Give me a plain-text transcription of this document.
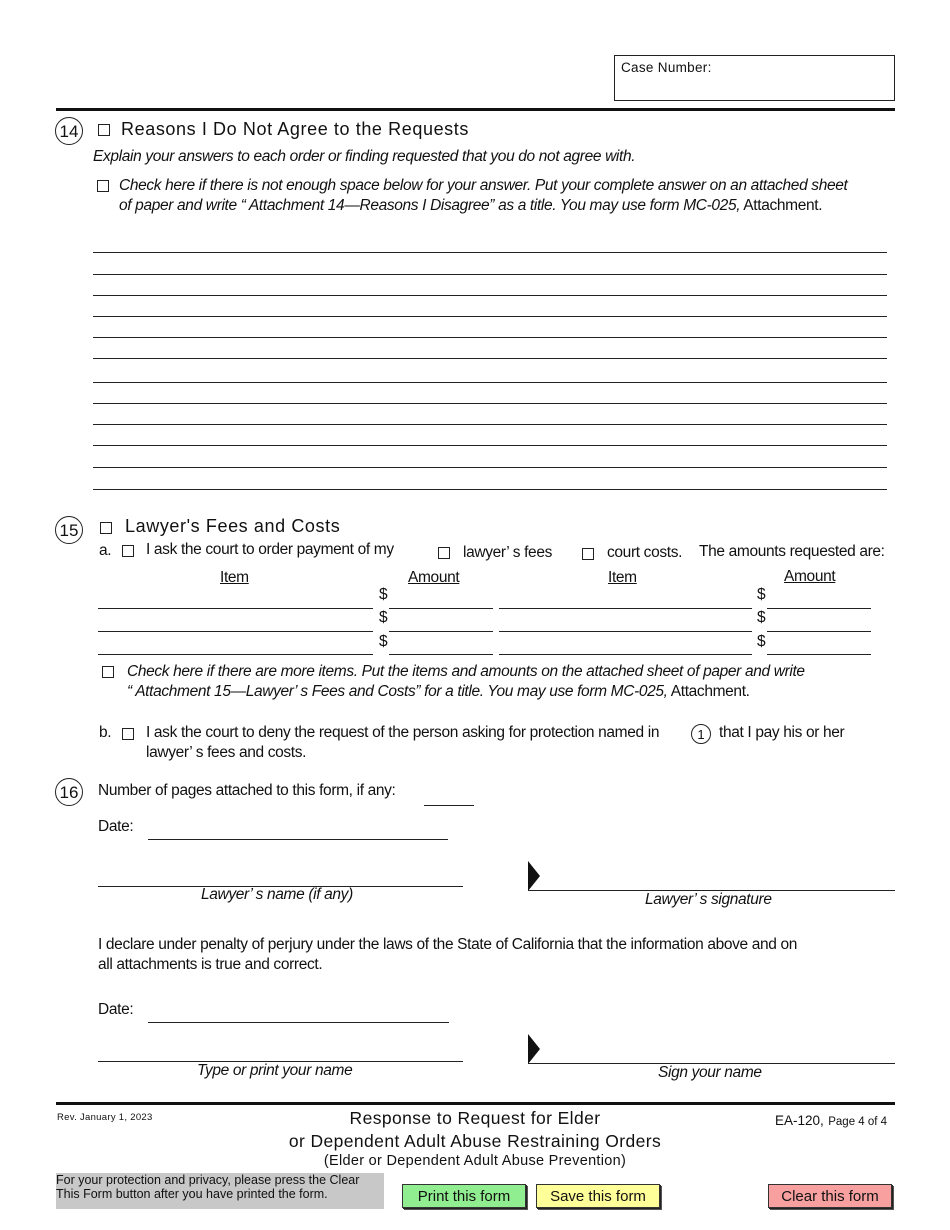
Case Number:
14 Reasons I Do Not Agree to the Requests
Explain your answers to each order or finding requested that you do not agree with.
Check here if there is not enough space below for your answer. Put your complete answer on an attached sheet
of paper and write “ Attachment 14—Reasons I Disagree” as a title. You may use form MC-025, Attachment.
15	Lawyer's Fees and Costs
a. I ask the court to order payment of my	lawyer’ s fees	court costs. The amounts requested are:
Item	Amount	Item	Amount
$	$
$	$
$	$
Check here if there are more items. Put the items and amounts on the attached sheet of paper and write
“ Attachment 15—Lawyer’ s Fees and Costs” for a title. You may use form MC-025, Attachment.
b. I ask the court to deny the request of the person asking for protection named in	1 that I pay his or her
lawyer’ s fees and costs.
16 Number of pages attached to this form, if any:
Date:
Lawyer’ s name (if any)	Lawyer’ s signature
I declare under penalty of perjury under the laws of the State of California that the information above and on
all attachments is true and correct.
Date:
Type or print your name	Sign your name
Rev. January 1, 2023	Response to Request for Elder
or Dependent Adult Abuse Restraining Orders
(Elder or Dependent Adult Abuse Prevention)
EA-120, Page 4 of 4
For your protection and privacy, please press the Clear
This Form button after you have printed the form.	Print this form	Save this form	Clear this form
